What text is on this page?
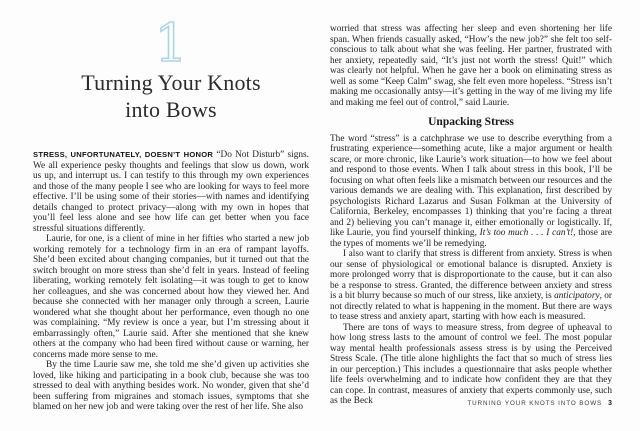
1
Turning Your Knots
into Bows

STRESS, UNFORTUNATELY, DOESN’T HONOR “Do Not Disturb” signs. We all experience pesky thoughts and feelings that slow us down, work us up, and interrupt us. I can testify to this through my own experiences and those of the many people I see who are looking for ways to feel more effective. I’ll be using some of their stories—with names and identifying details changed to protect privacy—along with my own in hopes that you’ll feel less alone and see how life can get better when you face stressful situations differently.

Laurie, for one, is a client of mine in her fifties who started a new job working remotely for a technology firm in an era of rampant layoffs. She’d been excited about changing companies, but it turned out that the switch brought on more stress than she’d felt in years. Instead of feeling liberating, working remotely felt isolating—it was tough to get to know her colleagues, and she was concerned about how they viewed her. And because she connected with her manager only through a screen, Laurie wondered what she thought about her performance, even though no one was complaining. “My review is once a year, but I’m stressing about it embarrassingly often,” Laurie said. After she mentioned that she knew others at the company who had been fired without cause or warning, her concerns made more sense to me.

By the time Laurie saw me, she told me she’d given up activities she loved, like hiking and participating in a book club, because she was too stressed to deal with anything besides work. No wonder, given that she’d been suffering from migraines and stomach issues, symptoms that she blamed on her new job and were taking over the rest of her life. She also

worried that stress was affecting her sleep and even shortening her life span. When friends casually asked, “How’s the new job?” she felt too self-conscious to talk about what she was feeling. Her partner, frustrated with her anxiety, repeatedly said, “It’s just not worth the stress! Quit!” which was clearly not helpful. When he gave her a book on eliminating stress as well as some “Keep Calm” swag, she felt even more hopeless. “Stress isn’t making me occasionally antsy—it’s getting in the way of me living my life and making me feel out of control,” said Laurie.

Unpacking Stress

The word “stress” is a catchphrase we use to describe everything from a frustrating experience—something acute, like a major argument or health scare, or more chronic, like Laurie’s work situation—to how we feel about and respond to those events. When I talk about stress in this book, I’ll be focusing on what often feels like a mismatch between our resources and the various demands we are dealing with. This explanation, first described by psychologists Richard Lazarus and Susan Folkman at the University of California, Berkeley, encompasses 1) thinking that you’re facing a threat and 2) believing you can’t manage it, either emotionally or logistically. If, like Laurie, you find yourself thinking, It’s too much . . . I can’t!, those are the types of moments we’ll be remedying.

I also want to clarify that stress is different from anxiety. Stress is when our sense of physiological or emotional balance is disrupted. Anxiety is more prolonged worry that is disproportionate to the cause, but it can also be a response to stress. Granted, the difference between anxiety and stress is a bit blurry because so much of our stress, like anxiety, is anticipatory, or not directly related to what is happening in the moment. But there are ways to tease stress and anxiety apart, starting with how each is measured.

There are tons of ways to measure stress, from degree of upheaval to how long stress lasts to the amount of control we feel. The most popular way mental health professionals assess stress is by using the Perceived Stress Scale. (The title alone highlights the fact that so much of stress lies in our perception.) This includes a questionnaire that asks people whether life feels overwhelming and to indicate how confident they are that they can cope. In contrast, measures of anxiety that experts commonly use, such as the Beck	TURNING YOUR KNOTS INTO BOWS 3
